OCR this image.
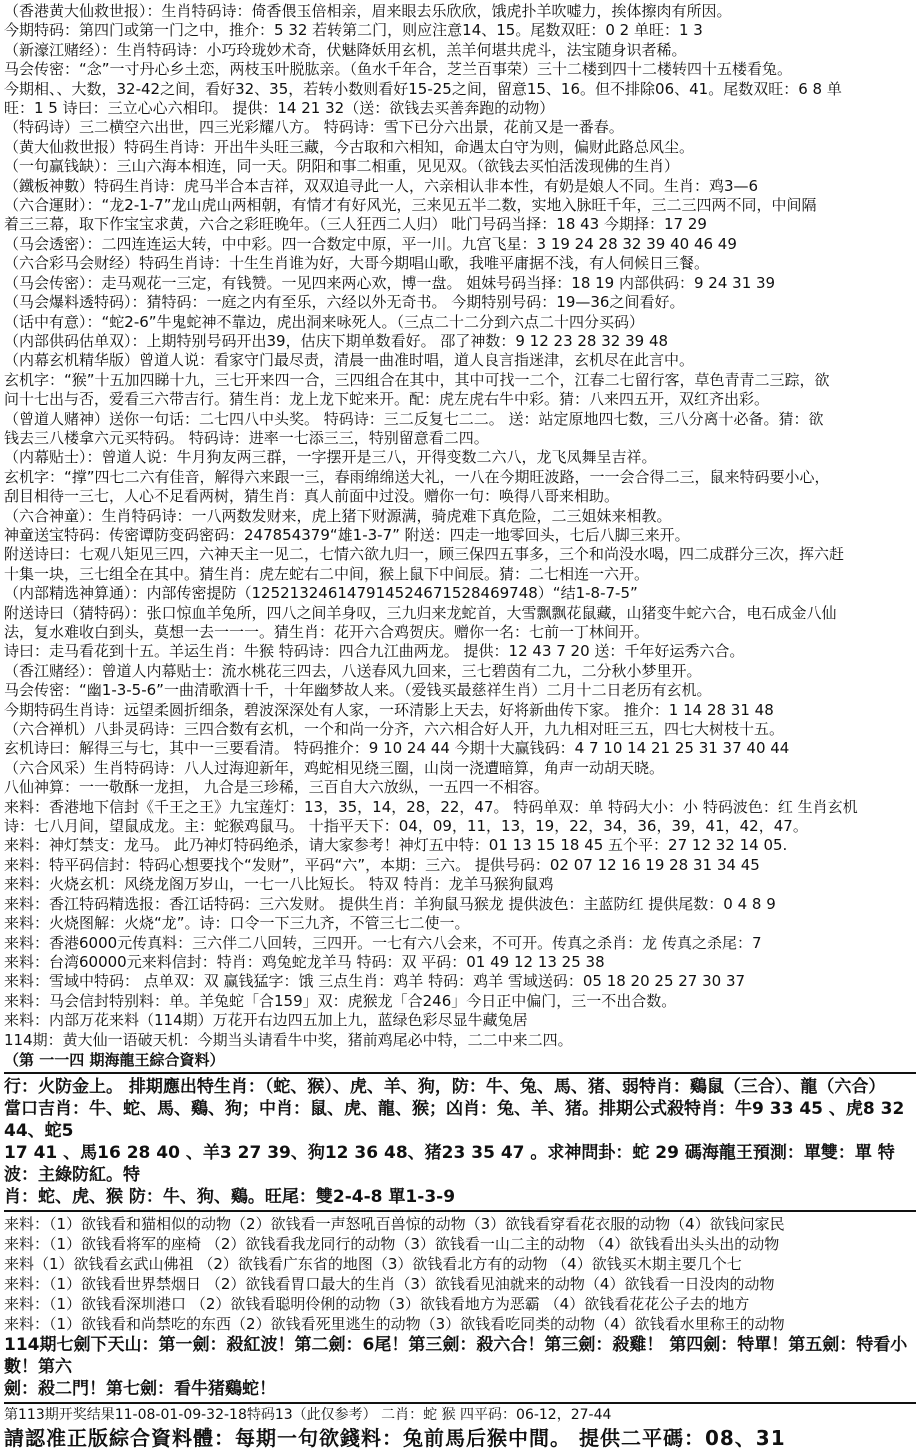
（香港黄大仙救世报）：生肖特码诗：倚香偎玉倍相亲，眉来眼去乐欣欣，饿虎扑羊吹嘘力，挨体擦肉有所因。
今期特码：第四门或第一门之中，推介：5 32 若转第二门，则应注意14、15。尾数双旺：0 2 单旺：1 3
（新濠江赌经）：生肖特码诗：小巧玲珑妙术奇，伏魅降妖用玄机，羔羊何堪共虎斗，法宝随身识者稀。
马会传密：“念”一寸丹心乡土恋，两枝玉叶脱肱亲。（鱼水千年合，芝兰百事荣）三十二楼到四十二楼转四十五楼看兔。
今期相、、大数，32-42之间，看好32、35，若转小数则看好15-25之间，留意15、16。但不排除06、41。尾数双旺：6 8 单
旺：1 5 诗曰：三立心心六相印。 提供：14 21 32（送：欲钱去买善奔跑的动物）
（特码诗）三二横空六出世，四三光彩耀八方。 特码诗：雪下已分六出景，花前又是一番春。
（黄大仙救世报）特码生肖诗：开出牛头旺三藏，今古取和六相知，命遇太白守为则，偏财此路总风尘。
（一句赢钱缺）：三山六海本相连，同一天。阴阳和事二相重，见见双。（欲钱去买怕活泼现佛的生肖）
（鐵板神數）特码生肖诗：虎马半合本吉祥，双双追寻此一人，六亲相认非本性，有奶是娘人不同。生肖：鸡3—6
（六合運財）：“龙2-1-7”龙山虎山两相朝，有情才有好风光，三来见五半二数，实地入脉旺千年，三二三四两不同，中间隔
着三三幕，取下作宝宝求黄，六合之彩旺晚年。（三人狂西二人归） 吡门号码当择：18 43 今期择：17 29
（马会透密）：二四连连运大转，中中彩。四一合数定中原，平一川。九宫飞星：3 19 24 28 32 39 40 46 49
（六合彩马会财经）特码生肖诗：十生生肖谁为好，大哥今期唱山歌，我唯平庸据不浅，有人伺候日三餐。
（马会传密）：走马观花一三定，有钱赞。一见四来两心欢，博一盘。 姐妹号码当择：18 19 内部供码：9 24 31 39
（马会爆料透特码）：猜特码：一庭之内有至乐，六经以外无奇书。 今期特别号码：19—36之间看好。
（话中有意）：“蛇2-6”牛鬼蛇神不靠边，虎出洞来咏死人。（三点二十二分到六点二十四分买码）
（内部供码估单双）：上期特别号码开出39，估庆下期单数看好。 邵了神数：9 12 23 28 32 39 48
（内幕玄机精华版）曾道人说：看家守门最尽责，清晨一曲准时唱，道人良言指迷津，玄机尽在此言中。
玄机字：“猴”十五加四睇十九，三七开来四一合，三四组合在其中，其中可找一二个，江春二七留行客，草色青青二三踪，欲
问十七出与否，爱看三六带吉行。猜生肖：龙上龙下蛇来开。配：虎左虎右牛中彩。猜：八来四五开，双红齐出彩。
（曾道人赌神）送你一句话：二七四八中头奖。 特码诗：三二反复七二二。 送：站定原地四七数，三八分离十必备。猜：欲
钱去三八楼拿六元买特码。 特码诗：进率一七添三三，特别留意看二四。
（内幕贴士）：曾道人说：牛月狗友两三群，一字摆开是三八，开得变数二六八，龙飞凤舞呈吉祥。
玄机字：“撑”四七二六有佳音，解得六来跟一三，春雨绵绵送大礼，一八在今期旺波路，一一会合得二三，鼠来特码要小心，
刮目相待一三七，人心不足看两树，猜生肖：真人前面中过没。赠你一句：唤得八哥来相助。
（六合神童）：生肖特码诗：一八两数发财来，虎上猪下财源满，骑虎难下真危险，二三姐妹来相教。
神童送宝特码：传密谭防变码密码：247854379“雄1-3-7” 附送：四走一地零回头，七后八脚三来开。
附送诗曰：七观八矩见三四，六神天主一见二，七情六欲九归一，顾三保四五事多，三个和尚没水喝，四二成群分三次，挥六赶
十集一块，三七组全在其中。猜生肖：虎左蛇右二中间，猴上鼠下中间辰。猜：二七相连一六开。
（内部精选神算通）：内部传密提防（125213246147914524671528469748）“结1-8-7-5”
附送诗曰（猜特码）：张口惊血羊兔所，四八之间羊身叹，三九归来龙蛇首，大雪飘飘花鼠藏，山猪变牛蛇六合，电石成金八仙
法，复水难收白到头，莫想一去一一一。猜生肖：花开六合鸡贺庆。赠你一名：七前一丁林间开。
诗曰：走马看花到十五。羊运生肖：牛猴 特码诗：四合九江曲两龙。 提供：12 43 7 20 送：千年好运秀六合。
（香江赌经）：曾道人内幕贴士：流水桃花三四去，八送春风九回来，三七碧茵有二九，二分秋小梦里开。
马会传密：“幽1-3-5-6”一曲清歌酒十千，十年幽梦故人来。（爱钱买最慈祥生肖）二月十二日老历有玄机。
今期特码生肖诗：远望柔圆折细条，碧波深深处有人家，一环清影上天去，好将新曲传下家。 推介：1 14 28 31 48
（六合禅机）八卦灵码诗：三四合数有玄机，一个和尚一分齐，六六相合好人开，九九相对旺三五，四七大树枝十五。
玄机诗曰：解得三与七，其中一三要看清。 特码推介：9 10 24 44 今期十大赢钱码：4 7 10 14 21 25 31 37 40 44
（六合风采）生肖特码诗：八人过海迎新年，鸡蛇相见绕三圈，山岗一浇遭暗算，角声一动胡天晓。
八仙神算：一一敬酥一龙担， 九合是三珍稀，三百自大六放纵，一五四一不相容。
来料：香港地下信封《千王之王》九宝莲灯：13，35，14，28，22，47。 特码单双：单 特码大小：小 特码波色：红 生肖玄机
诗：七八月间，望鼠成龙。主：蛇猴鸡鼠马。 十指平天下：04，09，11，13，19，22，34，36，39，41，42，47。
来料：神灯禁支：龙马。 此乃神灯特码绝杀，请大家参考！神灯五中特：01 13 15 18 45 五个平：27 12 32 14 05.
来料：特平码信封：特码心想要找个“发财”，平码“六”，本期：三六。 提供号码：02 07 12 16 19 28 31 34 45
来料：火烧玄机：风绕龙阁万岁山，一七一八比短长。 特双 特肖：龙羊马猴狗鼠鸡
来料：香江特码精选报：香江话特码：三六发财。 提供生肖：羊狗鼠马猴龙 提供波色：主蓝防红 提供尾数：0 4 8 9
来料：火烧图解：火烧“龙”。诗：口令一下三九齐，不管三七二使一。
来料：香港6000元传真料：三六伴二八回转，三四开。一七有六八会来，不可开。传真之杀肖：龙 传真之杀尾：7
来料：台湾60000元来料信封：特肖：鸡兔蛇龙羊马 特码：双 平码：01 49 12 13 25 38
来料：雪域中特码： 点单双：双 赢钱猛字：饿 三点生肖：鸡羊 特码：鸡羊 雪域送码：05 18 20 25 27 30 37
来料：马会信封特别料：单。羊兔蛇「合159」双：虎猴龙「合246」今日正中偏门，三一不出合数。
来料：内部万花来料（114期）万花开右边四五加上九，蓝绿色彩尽显牛藏兔居
114期：黄大仙一语破天机：今期当头请看牛中奖，猪前鸡尾必中特，二二中来二四。
（第 一一四 期海龍王綜合資料）
行：火防金上。 排期應出特生肖：（蛇、猴）、虎、羊、狗，防：牛、兔、馬、猪、弱特肖：鷄鼠（三合）、龍（六合）
當口吉肖：牛、蛇、馬、鷄、狗；中肖：鼠、虎、龍、猴；凶肖：兔、羊、猪。排期公式殺特肖：牛9 33 45 、虎8 32 44、蛇5
17 41 、馬16 28 40 、羊3 27 39、狗12 36 48、猪23 35 47 。求神問卦：蛇 29 碼海龍王預測：單雙：單 特波：主綠防紅。特
肖：蛇、虎、猴 防：牛、狗、鷄。旺尾：雙2-4-8 單1-3-9
来料：（1）欲钱看和猫相似的动物（2）欲钱看一声怒吼百兽惊的动物（3）欲钱看穿看花衣服的动物（4）欲钱问家民
来料：（1）欲钱看将军的座椅 （2）欲钱看我龙同行的动物（3）欲钱看一山二主的动物 （4）欲钱看出头头出的动物
来料（1）欲钱看玄武山佛祖 （2）欲钱看广东省的地图（3）欲钱看北方有的动物 （4）欲钱买木期主要几个七
来料：（1）欲钱看世界禁烟日 （2）欲钱看胃口最大的生肖（3）欲钱看见油就来的动物（4）欲钱看一日没肉的动物
来料：（1）欲钱看深圳港口 （2）欲钱看聪明伶俐的动物（3）欲钱看地方为恶霸 （4）欲钱看花花公子去的地方
来料：（1）欲钱看和尚禁吃的东西（2）欲钱看死里逃生的动物（3）欲钱看吃同类的动物（4）欲钱看水里称王的动物
114期七劍下天山：第一劍：殺紅波！第二劍：6尾！第三劍：殺六合！第三劍：殺雞！ 第四劍：特單！第五劍：特看小數！第六
劍：殺二門！第七劍：看牛猪鷄蛇！
第113期开奖结果11-08-01-09-32-18特码13（此仅参考） 二肖：蛇 猴 四平码：06-12，27-44
請認准正版綜合資料體：每期一句欲錢料：兔前馬后猴中間。 提供二平碼：08、31
